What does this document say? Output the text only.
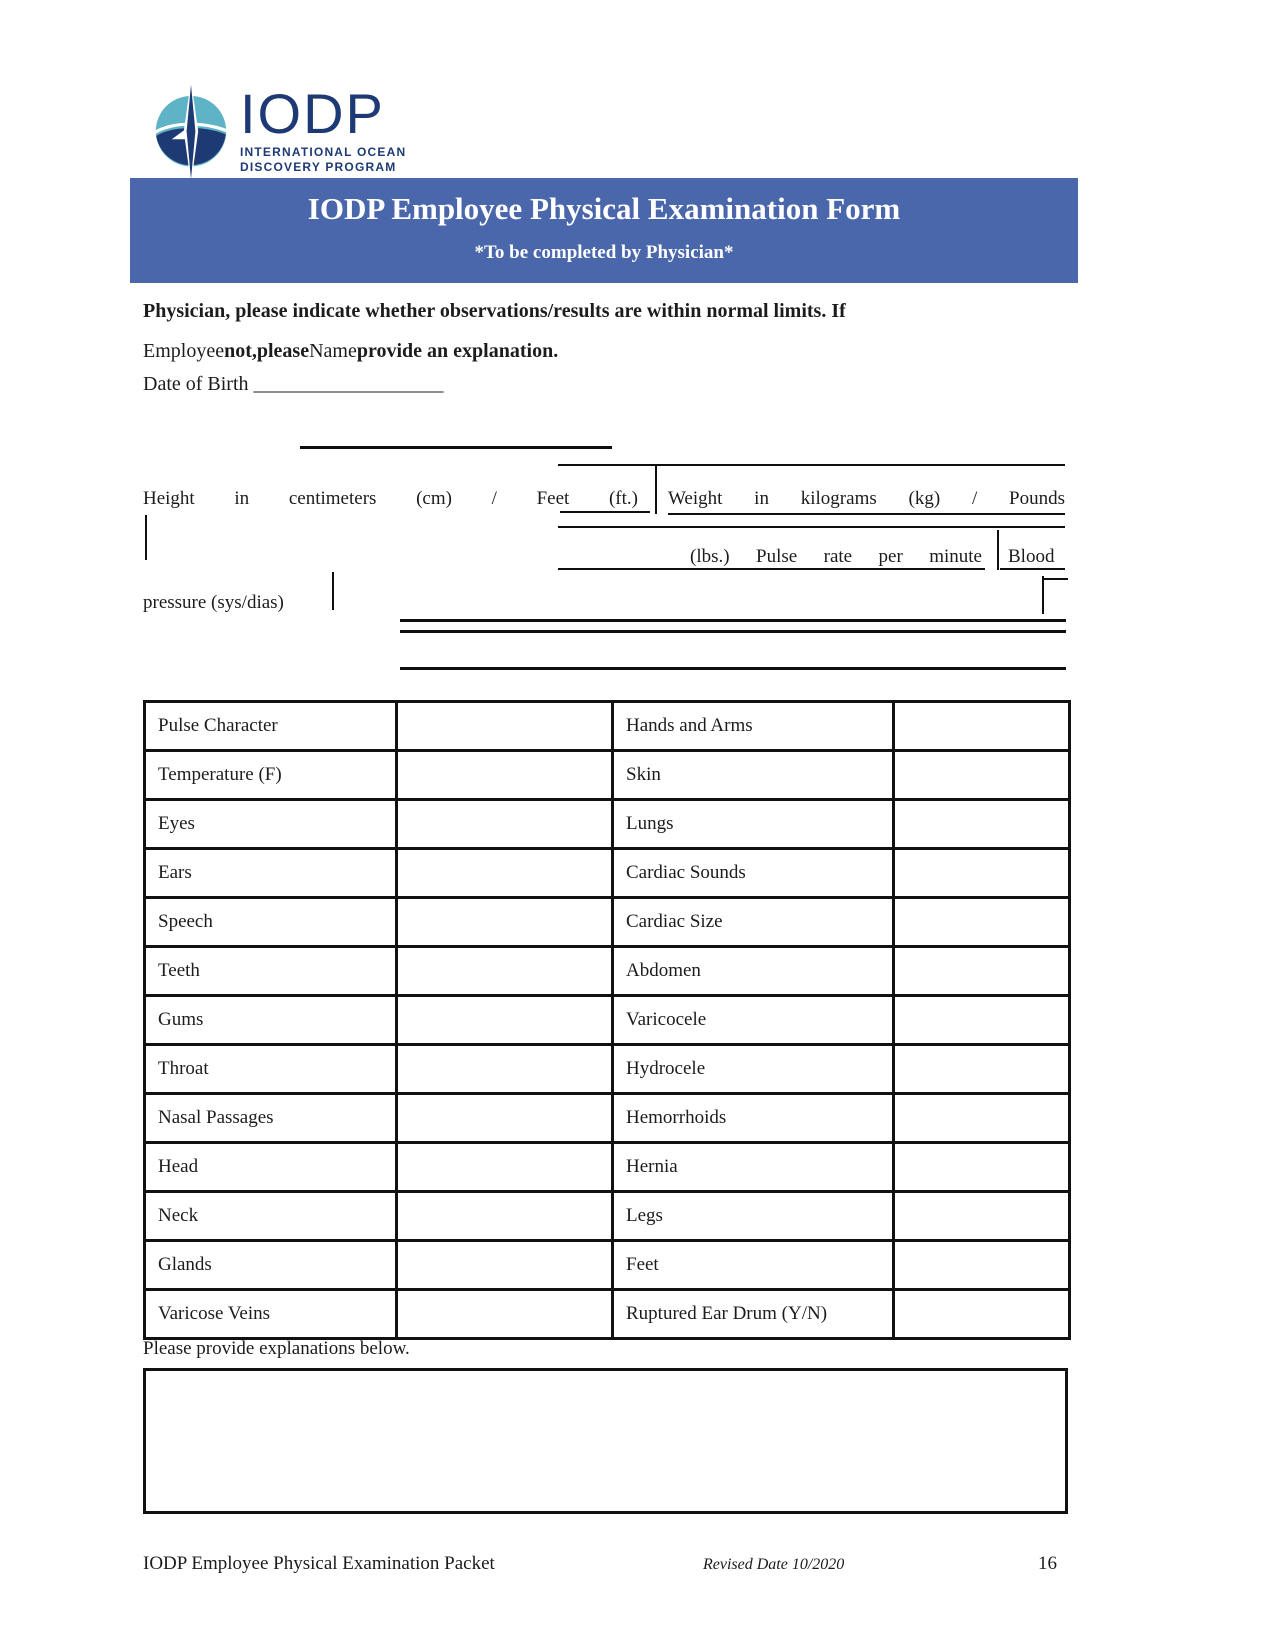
IODP
INTERNATIONAL OCEAN
DISCOVERY PROGRAM
IODP Employee Physical Examination Form
*To be completed by Physician*
Physician, please indicate whether observations/results are within normal limits. If
Employeenot,pleaseNameprovide an explanation.
Date of Birth ___________________
Height in centimeters (cm) / Feet (ft.) Weight in kilograms (kg) / Pounds
(lbs.) Pulse rate per minute Blood
pressure (sys/dias)
Pulse Character		Hands and Arms	
Temperature (F)		Skin	
Eyes		Lungs	
Ears		Cardiac Sounds	
Speech		Cardiac Size	
Teeth		Abdomen	
Gums		Varicocele	
Throat		Hydrocele	
Nasal Passages		Hemorrhoids	
Head		Hernia	
Neck		Legs	
Glands		Feet	
Varicose Veins		Ruptured Ear Drum (Y/N)	
Please provide explanations below.
IODP Employee Physical Examination Packet	Revised Date 10/2020	16
